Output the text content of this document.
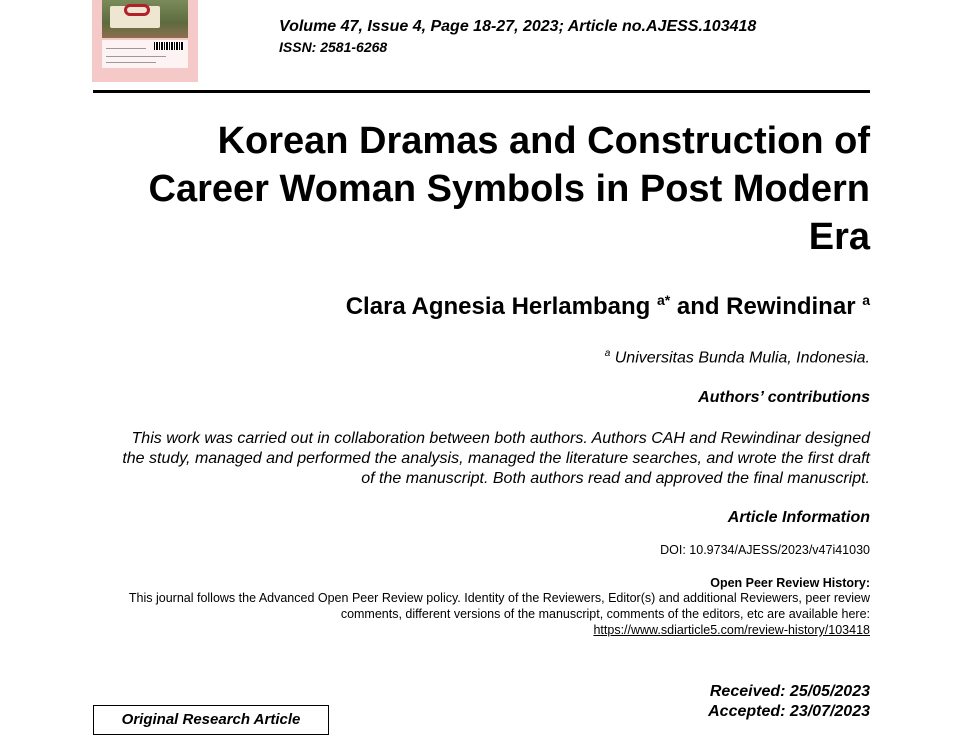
Volume 47, Issue 4, Page 18-27, 2023; Article no.AJESS.103418
ISSN: 2581-6268
Korean Dramas and Construction of Career Woman Symbols in Post Modern Era
Clara Agnesia Herlambang $^{a*}$ and Rewindinar $^a$
$^a$ Universitas Bunda Mulia, Indonesia.
Authors’ contributions
This work was carried out in collaboration between both authors. Authors CAH and Rewindinar designed the study, managed and performed the analysis, managed the literature searches, and wrote the first draft of the manuscript. Both authors read and approved the final manuscript.
Article Information
DOI: 10.9734/AJESS/2023/v47i41030
Open Peer Review History:
This journal follows the Advanced Open Peer Review policy. Identity of the Reviewers, Editor(s) and additional Reviewers, peer review comments, different versions of the manuscript, comments of the editors, etc are available here:
https://www.sdiarticle5.com/review-history/103418
Received: 25/05/2023
Accepted: 23/07/2023
Original Research Article
